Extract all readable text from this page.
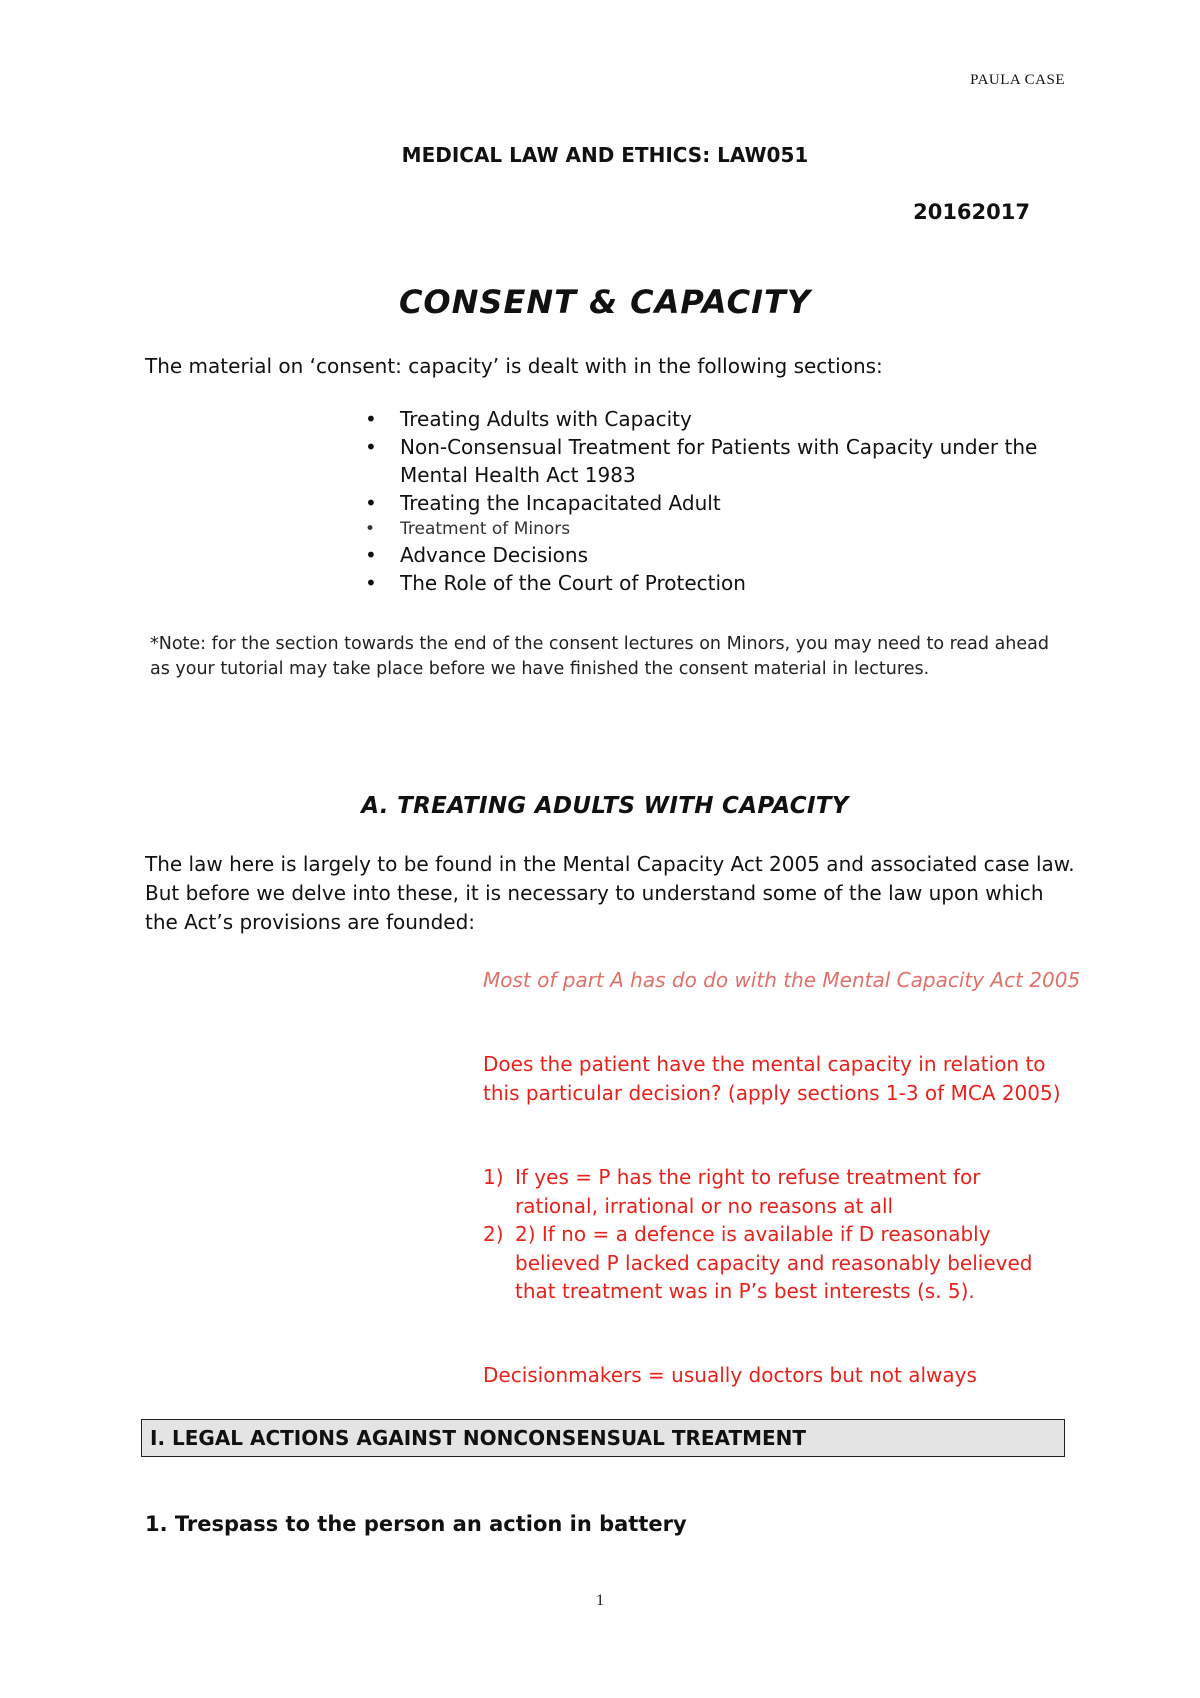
PAULA CASE
MEDICAL LAW AND ETHICS: LAW051
20162017
CONSENT & CAPACITY
The material on ‘consent: capacity’ is dealt with in the following sections:
• Treating Adults with Capacity
• Non-Consensual Treatment for Patients with Capacity under the Mental Health Act 1983
• Treating the Incapacitated Adult
• Treatment of Minors
• Advance Decisions
• The Role of the Court of Protection
*Note: for the section towards the end of the consent lectures on Minors, you may need to read ahead as your tutorial may take place before we have finished the consent material in lectures.
A. TREATING ADULTS WITH CAPACITY
The law here is largely to be found in the Mental Capacity Act 2005 and associated case law. But before we delve into these, it is necessary to understand some of the law upon which the Act’s provisions are founded:
Most of part A has do do with the Mental Capacity Act 2005
Does the patient have the mental capacity in relation to this particular decision? (apply sections 1-3 of MCA 2005)
1) If yes = P has the right to refuse treatment for rational, irrational or no reasons at all
2) 2) If no = a defence is available if D reasonably believed P lacked capacity and reasonably believed that treatment was in P’s best interests (s. 5).
Decisionmakers = usually doctors but not always
I. LEGAL ACTIONS AGAINST NONCONSENSUAL TREATMENT
1. Trespass to the person an action in battery
1
